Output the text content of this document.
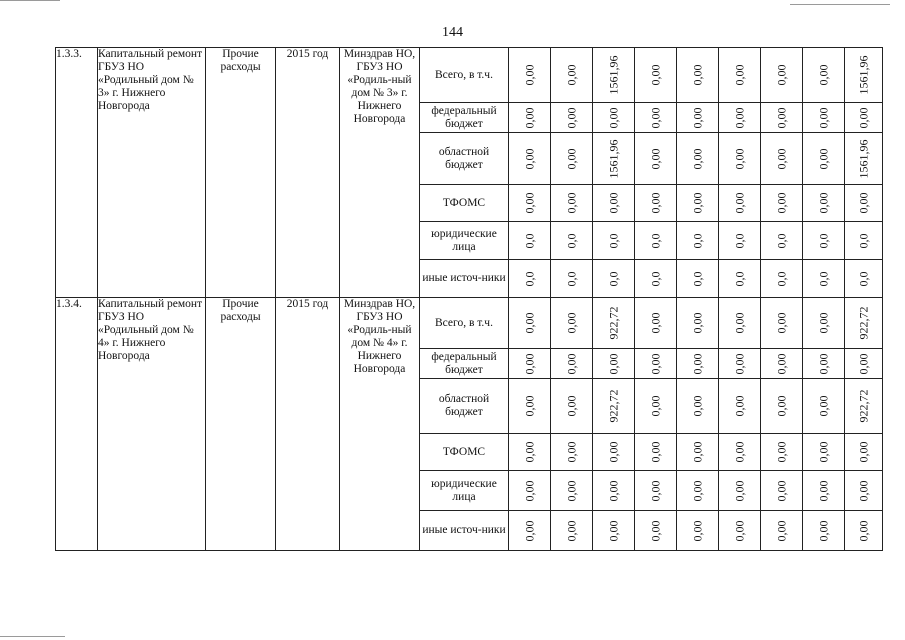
144
1.3.3.	Капитальный ремонт ГБУЗ НО «Родильный дом № 3» г. Нижнего Новгорода	Прочие расходы	2015 год	Минздрав НО, ГБУЗ НО «Родиль-ный дом № 3» г. Нижнего Новгорода	Всего, в т.ч.	0,00	0,00	1561,96	0,00	0,00	0,00	0,00	0,00	1561,96

					федеральный бюджет	0,00	0,00	0,00	0,00	0,00	0,00	0,00	0,00	0,00

					областной бюджет	0,00	0,00	1561,96	0,00	0,00	0,00	0,00	0,00	1561,96

					ТФОМС	0,00	0,00	0,00	0,00	0,00	0,00	0,00	0,00	0,00

					юридические лица	0,0	0,0	0,0	0,0	0,0	0,0	0,0	0,0	0,0

					иные источ-ники	0,0	0,0	0,0	0,0	0,0	0,0	0,0	0,0	0,0

1.3.4.	Капитальный ремонт ГБУЗ НО «Родильный дом № 4» г. Нижнего Новгорода	Прочие расходы	2015 год	Минздрав НО, ГБУЗ НО «Родиль-ный дом № 4» г. Нижнего Новгорода	Всего, в т.ч.	0,00	0,00	922,72	0,00	0,00	0,00	0,00	0,00	922,72

					федеральный бюджет	0,00	0,00	0,00	0,00	0,00	0,00	0,00	0,00	0,00

					областной бюджет	0,00	0,00	922,72	0,00	0,00	0,00	0,00	0,00	922,72

					ТФОМС	0,00	0,00	0,00	0,00	0,00	0,00	0,00	0,00	0,00

					юридические лица	0,00	0,00	0,00	0,00	0,00	0,00	0,00	0,00	0,00

					иные источ-ники	0,00	0,00	0,00	0,00	0,00	0,00	0,00	0,00	0,00
